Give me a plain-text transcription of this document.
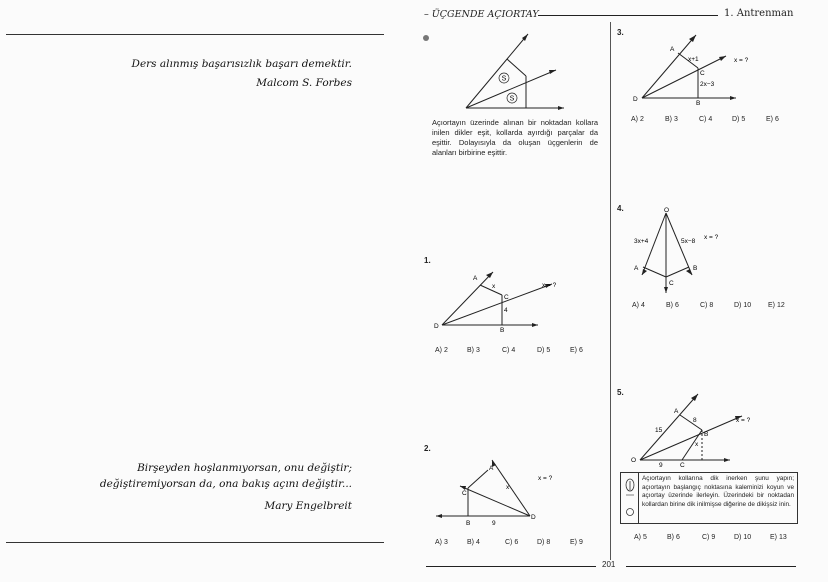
Ders alınmış başarısızlık başarı demektir.
Malcom S. Forbes
Birşeyden hoşlanmıyorsan, onu değiştir;
değiştiremiyorsan da, ona bakış açını değiştir...
Mary Engelbreit
– ÜÇGENDE AÇIORTAY	1. Antrenman
S
S
Açıortayın üzerinde alınan bir noktadan kollara inilen dikler eşit, kollarda ayırdığı parçalar da eşittir. Dolayısıyla da oluşan üçgenlerin de alanları birbirine eşittir.
1.
A
x
C
4
D
B
x = ?
A) 2	B) 3	C) 4	D) 5	E) 6
2.
A
x
C
D
B	9
x = ?
A) 3	B) 4	C) 6	D) 8	E) 9
3.
A
x+1
C
2x−3
D
B
x = ?
A) 2	B) 3	C) 4	D) 5	E) 6
4.	O
3x+4	5x−8
A	B
C
x = ?
A) 4	B) 6	C) 8	D) 10 E) 12
5.
A
8
15
B
x
O
9	C
x = ?
Açıortayın kollarına dik inerken şunu yapın; açıortayın başlangıç noktasına kaleminizi koyun ve açıortay üzerinde ilerleyin. Üzerindeki bir noktadan kollardan birine dik inilmişse diğerine de dikişsiz inin.
A) 5	B) 6	C) 9	D) 10	E) 13
201
